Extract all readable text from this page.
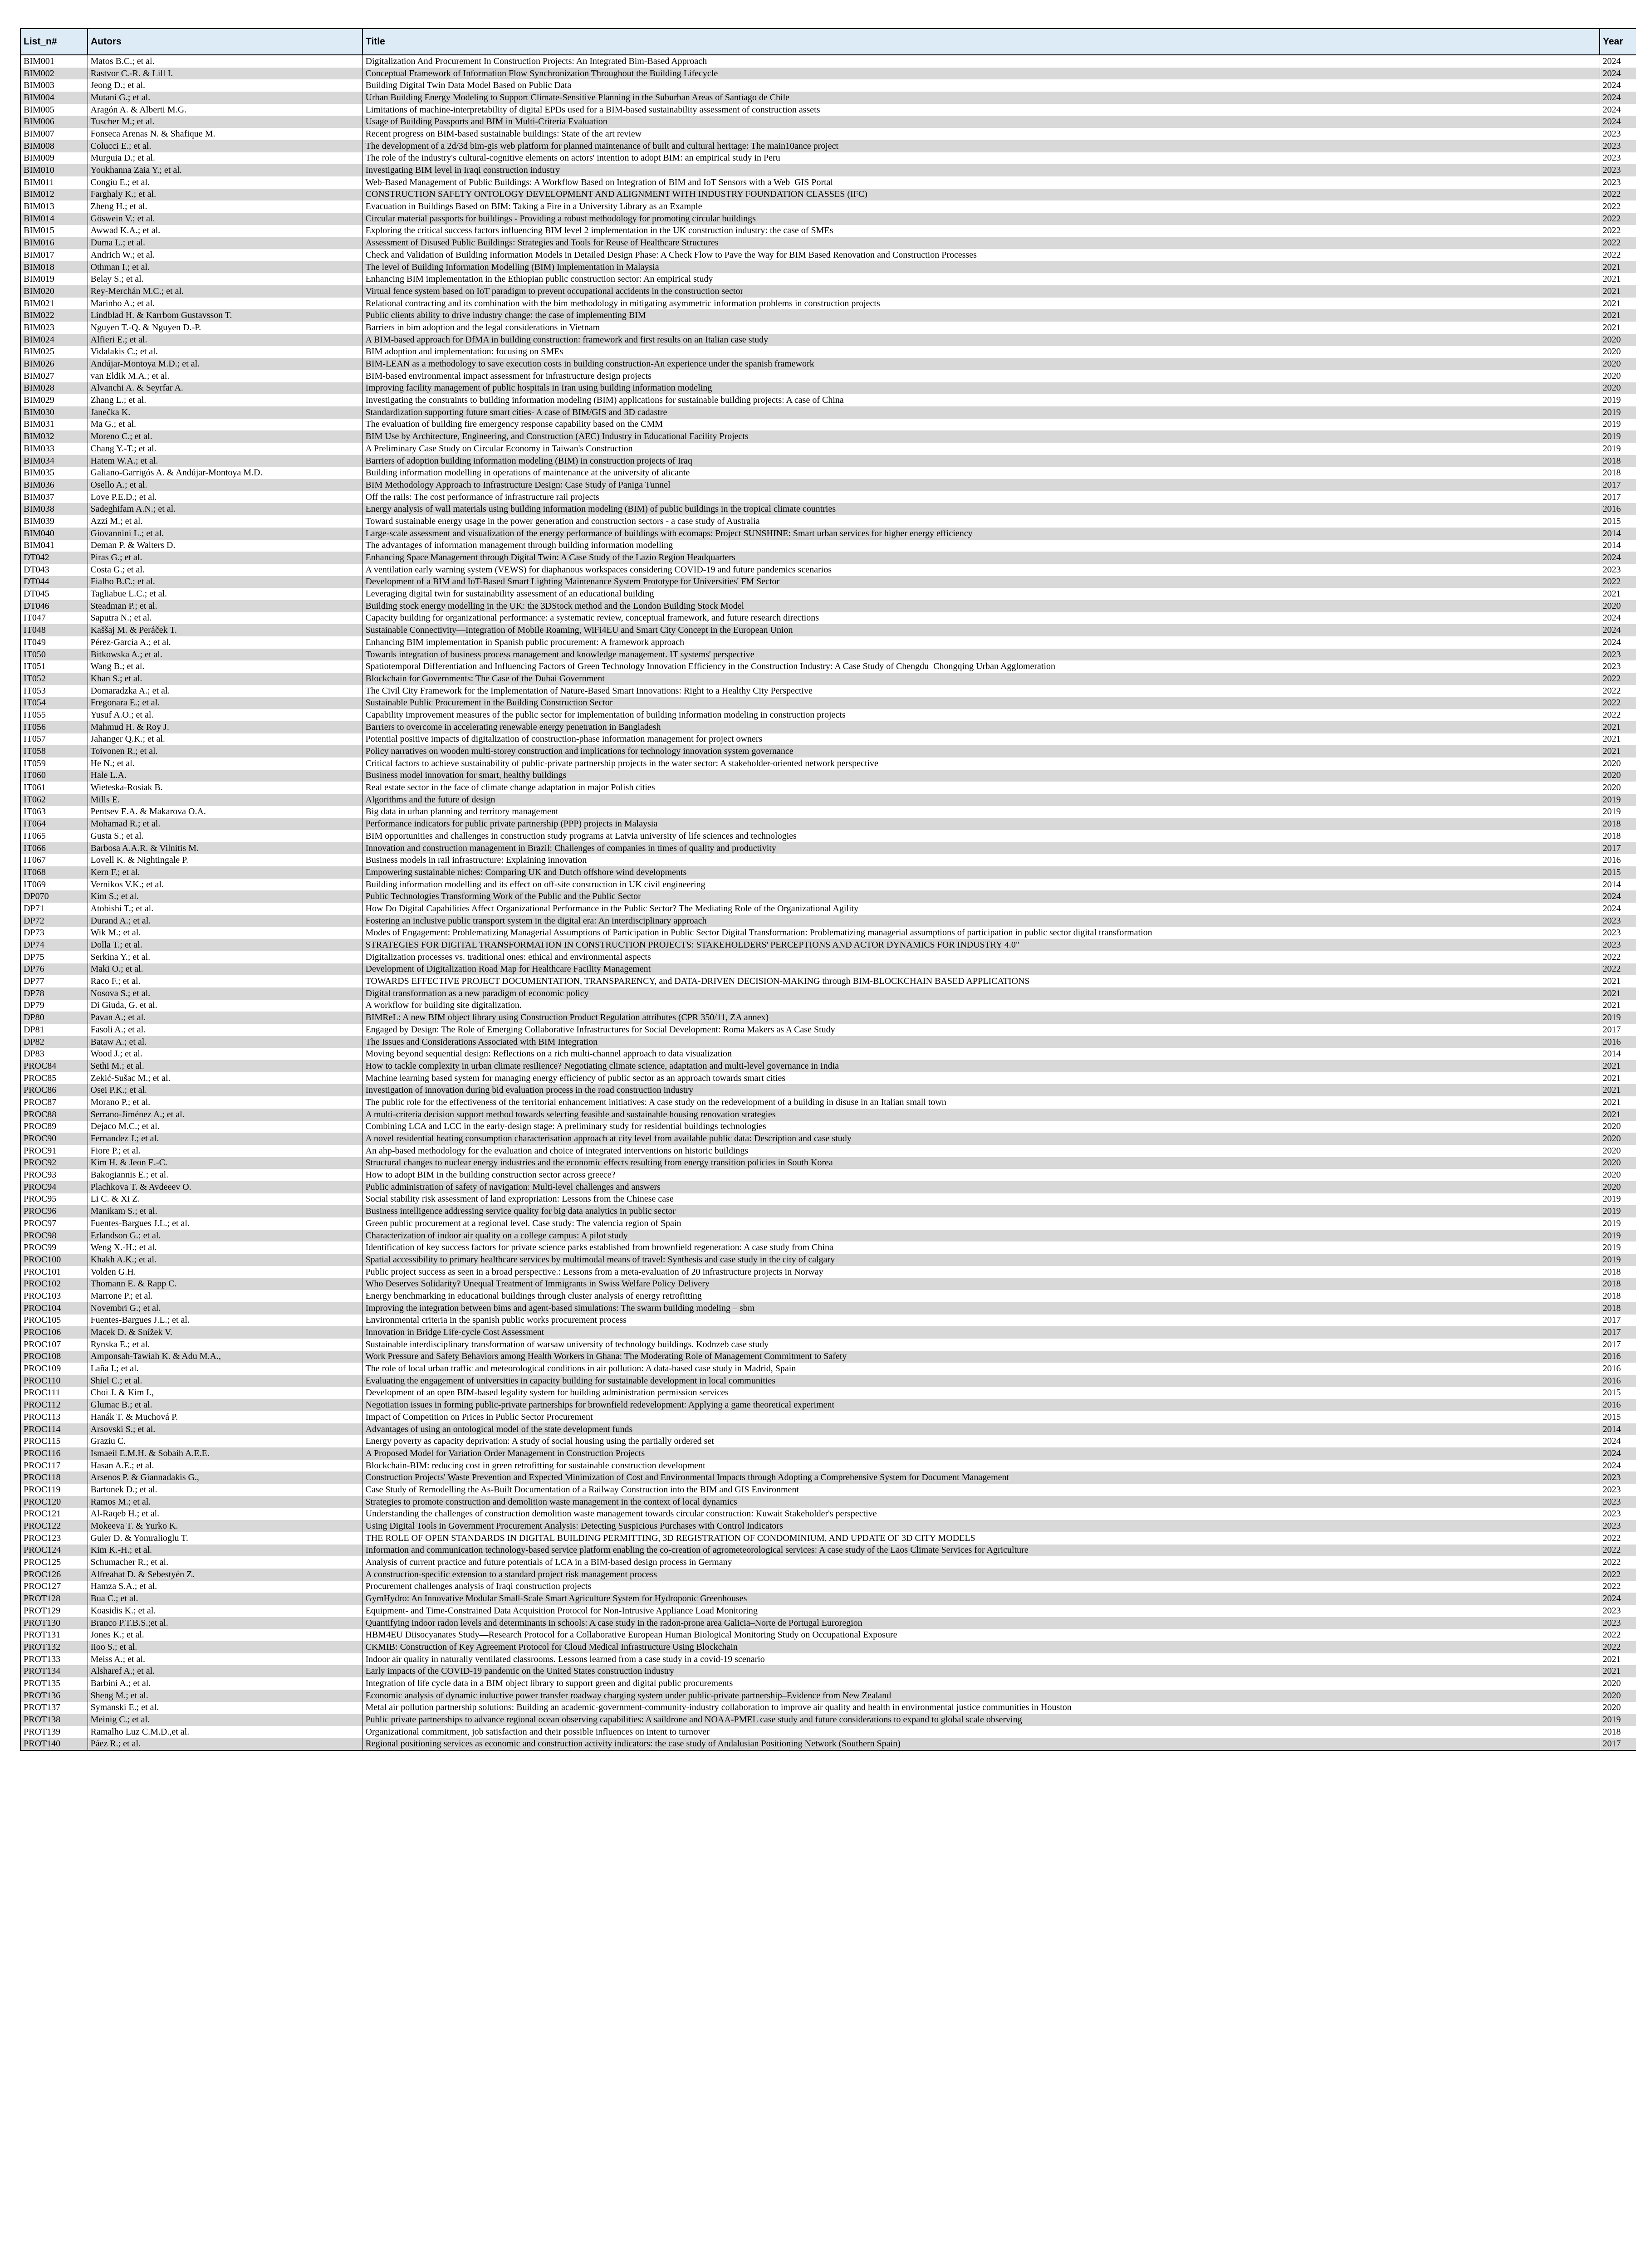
List_n#	Autors	Title	Year
BIM001	Matos B.C.; et al.	Digitalization And Procurement In Construction Projects: An Integrated Bim-Based Approach	2024
BIM002	Rastvor C.-R. & Lill I.	Conceptual Framework of Information Flow Synchronization Throughout the Building Lifecycle	2024
BIM003	Jeong D.; et al.	Building Digital Twin Data Model Based on Public Data	2024
BIM004	Mutani G.; et al.	Urban Building Energy Modeling to Support Climate-Sensitive Planning in the Suburban Areas of Santiago de Chile	2024
BIM005	Aragón A. & Alberti M.G.	Limitations of machine-interpretability of digital EPDs used for a BIM-based sustainability assessment of construction assets	2024
BIM006	Tuscher M.; et al.	Usage of Building Passports and BIM in Multi-Criteria Evaluation	2024
BIM007	Fonseca Arenas N. & Shafique M.	Recent progress on BIM-based sustainable buildings: State of the art review	2023
BIM008	Colucci E.; et al.	The development of a 2d/3d bim-gis web platform for planned maintenance of built and cultural heritage: The main10ance project	2023
BIM009	Murguia D.; et al.	The role of the industry's cultural-cognitive elements on actors' intention to adopt BIM: an empirical study in Peru	2023
BIM010	Youkhanna Zaia Y.; et al.	Investigating BIM level in Iraqi construction industry	2023
BIM011	Congiu E.; et al.	Web-Based Management of Public Buildings: A Workflow Based on Integration of BIM and IoT Sensors with a Web–GIS Portal	2023
BIM012	Farghaly K.; et al.	CONSTRUCTION SAFETY ONTOLOGY DEVELOPMENT AND ALIGNMENT WITH INDUSTRY FOUNDATION CLASSES (IFC)	2022
BIM013	Zheng H.; et al.	Evacuation in Buildings Based on BIM: Taking a Fire in a University Library as an Example	2022
BIM014	Göswein V.; et al.	Circular material passports for buildings - Providing a robust methodology for promoting circular buildings	2022
BIM015	Awwad K.A.; et al.	Exploring the critical success factors influencing BIM level 2 implementation in the UK construction industry: the case of SMEs	2022
BIM016	Duma L.; et al.	Assessment of Disused Public Buildings: Strategies and Tools for Reuse of Healthcare Structures	2022
BIM017	Andrich W.; et al.	Check and Validation of Building Information Models in Detailed Design Phase: A Check Flow to Pave the Way for BIM Based Renovation and Construction Processes	2022
BIM018	Othman I.; et al.	The level of Building Information Modelling (BIM) Implementation in Malaysia	2021
BIM019	Belay S.; et al.	Enhancing BIM implementation in the Ethiopian public construction sector: An empirical study	2021
BIM020	Rey-Merchán M.C.; et al.	Virtual fence system based on IoT paradigm to prevent occupational accidents in the construction sector	2021
BIM021	Marinho A.; et al.	Relational contracting and its combination with the bim methodology in mitigating asymmetric information problems in construction projects	2021
BIM022	Lindblad H. & Karrbom Gustavsson T.	Public clients ability to drive industry change: the case of implementing BIM	2021
BIM023	Nguyen T.-Q. & Nguyen D.-P.	Barriers in bim adoption and the legal considerations in Vietnam	2021
BIM024	Alfieri E.; et al.	A BIM-based approach for DfMA in building construction: framework and first results on an Italian case study	2020
BIM025	Vidalakis C.; et al.	BIM adoption and implementation: focusing on SMEs	2020
BIM026	Andújar-Montoya M.D.; et al.	BIM-LEAN as a methodology to save execution costs in building construction-An experience under the spanish framework	2020
BIM027	van Eldik M.A.; et al.	BIM-based environmental impact assessment for infrastructure design projects	2020
BIM028	Alvanchi A. & Seyrfar A.	Improving facility management of public hospitals in Iran using building information modeling	2020
BIM029	Zhang L.; et al.	Investigating the constraints to building information modeling (BIM) applications for sustainable building projects: A case of China	2019
BIM030	Janečka K.	Standardization supporting future smart cities- A case of BIM/GIS and 3D cadastre	2019
BIM031	Ma G.; et al.	The evaluation of building fire emergency response capability based on the CMM	2019
BIM032	Moreno C.; et al.	BIM Use by Architecture, Engineering, and Construction (AEC) Industry in Educational Facility Projects	2019
BIM033	Chang Y.-T.; et al.	A Preliminary Case Study on Circular Economy in Taiwan's Construction	2019
BIM034	Hatem W.A.; et al.	Barriers of adoption building information modeling (BIM) in construction projects of Iraq	2018
BIM035	Galiano-Garrigós A. & Andújar-Montoya M.D.	Building information modelling in operations of maintenance at the university of alicante	2018
BIM036	Osello A.; et al.	BIM Methodology Approach to Infrastructure Design: Case Study of Paniga Tunnel	2017
BIM037	Love P.E.D.; et al.	Off the rails: The cost performance of infrastructure rail projects	2017
BIM038	Sadeghifam A.N.; et al.	Energy analysis of wall materials using building information modeling (BIM) of public buildings in the tropical climate countries	2016
BIM039	Azzi M.; et al.	Toward sustainable energy usage in the power generation and construction sectors - a case study of Australia	2015
BIM040	Giovannini L.; et al.	Large-scale assessment and visualization of the energy performance of buildings with ecomaps: Project SUNSHINE: Smart urban services for higher energy efficiency	2014
BIM041	Deman P. & Walters D.	The advantages of information management through building information modelling	2014
DT042	Piras G.; et al.	Enhancing Space Management through Digital Twin: A Case Study of the Lazio Region Headquarters	2024
DT043	Costa G.; et al.	A ventilation early warning system (VEWS) for diaphanous workspaces considering COVID-19 and future pandemics scenarios	2023
DT044	Fialho B.C.; et al.	Development of a BIM and IoT-Based Smart Lighting Maintenance System Prototype for Universities' FM Sector	2022
DT045	Tagliabue L.C.; et al.	Leveraging digital twin for sustainability assessment of an educational building	2021
DT046	Steadman P.; et al.	Building stock energy modelling in the UK: the 3DStock method and the London Building Stock Model	2020
IT047	Saputra N.; et al.	Capacity building for organizational performance: a systematic review, conceptual framework, and future research directions	2024
IT048	Kaššaj M. & Peráček T.	Sustainable Connectivity—Integration of Mobile Roaming, WiFi4EU and Smart City Concept in the European Union	2024
IT049	Pérez-García A.; et al.	Enhancing BIM implementation in Spanish public procurement: A framework approach	2024
IT050	Bitkowska A.; et al.	Towards integration of business process management and knowledge management. IT systems' perspective	2023
IT051	Wang B.; et al.	Spatiotemporal Differentiation and Influencing Factors of Green Technology Innovation Efficiency in the Construction Industry: A Case Study of Chengdu–Chongqing Urban Agglomeration	2023
IT052	Khan S.; et al.	Blockchain for Governments: The Case of the Dubai Government	2022
IT053	Domaradzka A.; et al.	The Civil City Framework for the Implementation of Nature-Based Smart Innovations: Right to a Healthy City Perspective	2022
IT054	Fregonara E.; et al.	Sustainable Public Procurement in the Building Construction Sector	2022
IT055	Yusuf A.O.; et al.	Capability improvement measures of the public sector for implementation of building information modeling in construction projects	2022
IT056	Mahmud H. & Roy J.	Barriers to overcome in accelerating renewable energy penetration in Bangladesh	2021
IT057	Jahanger Q.K.; et al.	Potential positive impacts of digitalization of construction-phase information management for project owners	2021
IT058	Toivonen R.; et al.	Policy narratives on wooden multi-storey construction and implications for technology innovation system governance	2021
IT059	He N.; et al.	Critical factors to achieve sustainability of public-private partnership projects in the water sector: A stakeholder-oriented network perspective	2020
IT060	Hale L.A.	Business model innovation for smart, healthy buildings	2020
IT061	Wieteska-Rosiak B.	Real estate sector in the face of climate change adaptation in major Polish cities	2020
IT062	Mills E.	Algorithms and the future of design	2019
IT063	Pentsev E.A. & Makarova O.A.	Big data in urban planning and territory management	2019
IT064	Mohamad R.; et al.	Performance indicators for public private partnership (PPP) projects in Malaysia	2018
IT065	Gusta S.; et al.	BIM opportunities and challenges in construction study programs at Latvia university of life sciences and technologies	2018
IT066	Barbosa A.A.R. & Vilnitis M.	Innovation and construction management in Brazil: Challenges of companies in times of quality and productivity	2017
IT067	Lovell K. & Nightingale P.	Business models in rail infrastructure: Explaining innovation	2016
IT068	Kern F.; et al.	Empowering sustainable niches: Comparing UK and Dutch offshore wind developments	2015
IT069	Vernikos V.K.; et al.	Building information modelling and its effect on off-site construction in UK civil engineering	2014
DP070	Kim S.; et al.	Public Technologies Transforming Work of the Public and the Public Sector	2024
DP71	Atobishi T.; et al.	How Do Digital Capabilities Affect Organizational Performance in the Public Sector? The Mediating Role of the Organizational Agility	2024
DP72	Durand A.; et al.	Fostering an inclusive public transport system in the digital era: An interdisciplinary approach	2023
DP73	Wik M.; et al.	Modes of Engagement: Problematizing Managerial Assumptions of Participation in Public Sector Digital Transformation: Problematizing managerial assumptions of participation in public sector digital transformation	2023
DP74	Dolla T.; et al.	STRATEGIES FOR DIGITAL TRANSFORMATION IN CONSTRUCTION PROJECTS: STAKEHOLDERS' PERCEPTIONS AND ACTOR DYNAMICS FOR INDUSTRY 4.0"	2023
DP75	Serkina Y.; et al.	Digitalization processes vs. traditional ones: ethical and environmental aspects	2022
DP76	Maki O.; et al.	Development of Digitalization Road Map for Healthcare Facility Management	2022
DP77	Raco F.; et al.	TOWARDS EFFECTIVE PROJECT DOCUMENTATION, TRANSPARENCY, and DATA-DRIVEN DECISION-MAKING through BIM-BLOCKCHAIN BASED APPLICATIONS	2021
DP78	Nosova S.; et al.	Digital transformation as a new paradigm of economic policy	2021
DP79	Di Giuda, G. et al.	A workflow for building site digitalization.	2021
DP80	Pavan A.; et al.	BIMReL: A new BIM object library using Construction Product Regulation attributes (CPR 350/11, ZA annex)	2019
DP81	Fasoli A.; et al.	Engaged by Design: The Role of Emerging Collaborative Infrastructures for Social Development: Roma Makers as A Case Study	2017
DP82	Bataw A.; et al.	The Issues and Considerations Associated with BIM Integration	2016
DP83	Wood J.; et al.	Moving beyond sequential design: Reflections on a rich multi-channel approach to data visualization	2014
PROC84	Sethi M.; et al.	How to tackle complexity in urban climate resilience? Negotiating climate science, adaptation and multi-level governance in India	2021
PROC85	Zekić-Sušac M.; et al.	Machine learning based system for managing energy efficiency of public sector as an approach towards smart cities	2021
PROC86	Osei P.K.; et al.	Investigation of innovation during bid evaluation process in the road construction industry	2021
PROC87	Morano P.; et al.	The public role for the effectiveness of the territorial enhancement initiatives: A case study on the redevelopment of a building in disuse in an Italian small town	2021
PROC88	Serrano-Jiménez A.; et al.	A multi-criteria decision support method towards selecting feasible and sustainable housing renovation strategies	2021
PROC89	Dejaco M.C.; et al.	Combining LCA and LCC in the early-design stage: A preliminary study for residential buildings technologies	2020
PROC90	Fernandez J.; et al.	A novel residential heating consumption characterisation approach at city level from available public data: Description and case study	2020
PROC91	Fiore P.; et al.	An ahp-based methodology for the evaluation and choice of integrated interventions on historic buildings	2020
PROC92	Kim H. & Jeon E.-C.	Structural changes to nuclear energy industries and the economic effects resulting from energy transition policies in South Korea	2020
PROC93	Bakogiannis E.; et al.	How to adopt BIM in the building construction sector across greece?	2020
PROC94	Plachkova T. & Avdeeev O.	Public administration of safety of navigation: Multi-level challenges and answers	2020
PROC95	Li C. & Xi Z.	Social stability risk assessment of land expropriation: Lessons from the Chinese case	2019
PROC96	Manikam S.; et al.	Business intelligence addressing service quality for big data analytics in public sector	2019
PROC97	Fuentes-Bargues J.L.; et al.	Green public procurement at a regional level. Case study: The valencia region of Spain	2019
PROC98	Erlandson G.; et al.	Characterization of indoor air quality on a college campus: A pilot study	2019
PROC99	Weng X.-H.; et al.	Identification of key success factors for private science parks established from brownfield regeneration: A case study from China	2019
PROC100	Khakh A.K.; et al.	Spatial accessibility to primary healthcare services by multimodal means of travel: Synthesis and case study in the city of calgary	2019
PROC101	Volden G.H.	Public project success as seen in a broad perspective.: Lessons from a meta-evaluation of 20 infrastructure projects in Norway	2018
PROC102	Thomann E. & Rapp C.	Who Deserves Solidarity? Unequal Treatment of Immigrants in Swiss Welfare Policy Delivery	2018
PROC103	Marrone P.; et al.	Energy benchmarking in educational buildings through cluster analysis of energy retrofitting	2018
PROC104	Novembri G.; et al.	Improving the integration between bims and agent-based simulations: The swarm building modeling – sbm	2018
PROC105	Fuentes-Bargues J.L.; et al.	Environmental criteria in the spanish public works procurement process	2017
PROC106	Macek D. & Snížek V.	Innovation in Bridge Life-cycle Cost Assessment	2017
PROC107	Rynska E.; et al.	Sustainable interdisciplinary transformation of warsaw university of technology buildings. Kodnzeb case study	2017
PROC108	Amponsah-Tawiah K. & Adu M.A.,	Work Pressure and Safety Behaviors among Health Workers in Ghana: The Moderating Role of Management Commitment to Safety	2016
PROC109	Laña I.; et al.	The role of local urban traffic and meteorological conditions in air pollution: A data-based case study in Madrid, Spain	2016
PROC110	Shiel C.; et al.	Evaluating the engagement of universities in capacity building for sustainable development in local communities	2016
PROC111	Choi J. & Kim I.,	Development of an open BIM-based legality system for building administration permission services	2015
PROC112	Glumac B.; et al.	Negotiation issues in forming public-private partnerships for brownfield redevelopment: Applying a game theoretical experiment	2016
PROC113	Hanák T. & Muchová P.	Impact of Competition on Prices in Public Sector Procurement	2015
PROC114	Arsovski S.; et al.	Advantages of using an ontological model of the state development funds	2014
PROC115	Graziu C.	Energy poverty as capacity deprivation: A study of social housing using the partially ordered set	2024
PROC116	Ismaeil E.M.H. & Sobaih A.E.E.	A Proposed Model for Variation Order Management in Construction Projects	2024
PROC117	Hasan A.E.; et al.	Blockchain-BIM: reducing cost in green retrofitting for sustainable construction development	2024
PROC118	Arsenos P. & Giannadakis G.,	Construction Projects' Waste Prevention and Expected Minimization of Cost and Environmental Impacts through Adopting a Comprehensive System for Document Management	2023
PROC119	Bartonek D.; et al.	Case Study of Remodelling the As-Built Documentation of a Railway Construction into the BIM and GIS Environment	2023
PROC120	Ramos M.; et al.	Strategies to promote construction and demolition waste management in the context of local dynamics	2023
PROC121	Al-Raqeb H.; et al.	Understanding the challenges of construction demolition waste management towards circular construction: Kuwait Stakeholder's perspective	2023
PROC122	Mokeeva T. & Yurko K.	Using Digital Tools in Government Procurement Analysis: Detecting Suspicious Purchases with Control Indicators	2023
PROC123	Guler D. & Yomralioglu T.	THE ROLE OF OPEN STANDARDS IN DIGITAL BUILDING PERMITTING, 3D REGISTRATION OF CONDOMINIUM, AND UPDATE OF 3D CITY MODELS	2022
PROC124	Kim K.-H.; et al.	Information and communication technology-based service platform enabling the co-creation of agrometeorological services: A case study of the Laos Climate Services for Agriculture	2022
PROC125	Schumacher R.; et al.	Analysis of current practice and future potentials of LCA in a BIM-based design process in Germany	2022
PROC126	Alfreahat D. & Sebestyén Z.	A construction-specific extension to a standard project risk management process	2022
PROC127	Hamza S.A.; et al.	Procurement challenges analysis of Iraqi construction projects	2022
PROT128	Bua C.; et al.	GymHydro: An Innovative Modular Small-Scale Smart Agriculture System for Hydroponic Greenhouses	2024
PROT129	Koasidis K.; et al.	Equipment- and Time-Constrained Data Acquisition Protocol for Non-Intrusive Appliance Load Monitoring	2023
PROT130	Branco P.T.B.S.;et al.	Quantifying indoor radon levels and determinants in schools: A case study in the radon-prone area Galicia–Norte de Portugal Euroregion	2023
PROT131	Jones K.; et al.	HBM4EU Diisocyanates Study—Research Protocol for a Collaborative European Human Biological Monitoring Study on Occupational Exposure	2022
PROT132	Iioo S.; et al.	CKMIB: Construction of Key Agreement Protocol for Cloud Medical Infrastructure Using Blockchain	2022
PROT133	Meiss A.; et al.	Indoor air quality in naturally ventilated classrooms. Lessons learned from a case study in a covid-19 scenario	2021
PROT134	Alsharef A.; et al.	Early impacts of the COVID-19 pandemic on the United States construction industry	2021
PROT135	Barbini A.; et al.	Integration of life cycle data in a BIM object library to support green and digital public procurements	2020
PROT136	Sheng M.; et al.	Economic analysis of dynamic inductive power transfer roadway charging system under public-private partnership–Evidence from New Zealand	2020
PROT137	Symanski E.; et al.	Metal air pollution partnership solutions: Building an academic-government-community-industry collaboration to improve air quality and health in environmental justice communities in Houston	2020
PROT138	Meinig C.; et al.	Public private partnerships to advance regional ocean observing capabilities: A saildrone and NOAA-PMEL case study and future considerations to expand to global scale observing	2019
PROT139	Ramalho Luz C.M.D.,et al.	Organizational commitment, job satisfaction and their possible influences on intent to turnover	2018
PROT140	Páez R.; et al.	Regional positioning services as economic and construction activity indicators: the case study of Andalusian Positioning Network (Southern Spain)	2017
